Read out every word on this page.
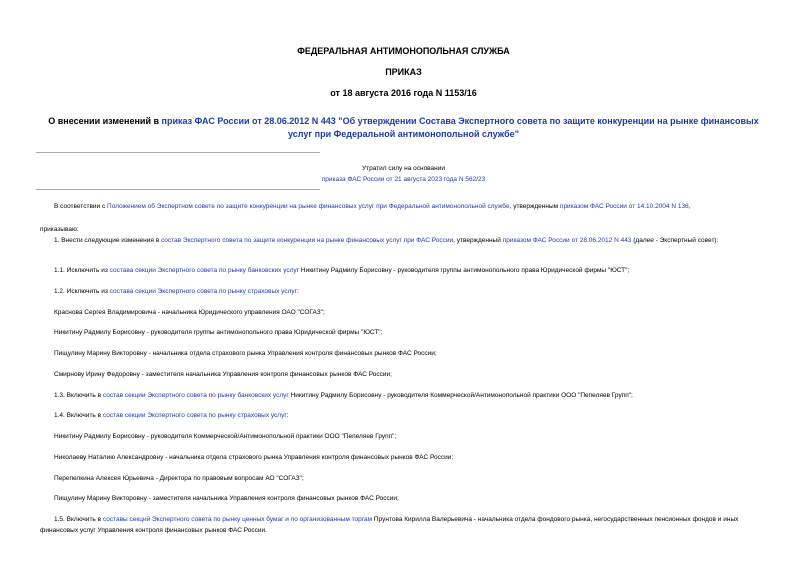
ФЕДЕРАЛЬНАЯ АНТИМОНОПОЛЬНАЯ СЛУЖБА
ПРИКАЗ
от 18 августа 2016 года N 1153/16
О внесении изменений в приказ ФАС России от 28.06.2012 N 443 "Об утверждении Состава Экспертного совета по защите конкуренции на рынке финансовых услуг при Федеральной антимонопольной службе"
Утратил силу на основании
приказа ФАС России от 21 августа 2023 года N 562/23
В соответствии с Положением об Экспертном совете по защите конкуренции на рынке финансовых услуг при Федеральной антимонопольной службе, утвержденным приказом ФАС России от 14.10.2004 N 136,
приказываю:
1. Внести следующие изменения в состав Экспертного совета по защите конкуренции на рынке финансовых услуг при ФАС России, утвержденный приказом ФАС России от 28.06.2012 N 443 (далее - Экспертный совет):
1.1. Исключить из состава секции Экспертного совета по рынку банковских услуг Никитину Радмилу Борисовну - руководителя группы антимонопольного права Юридической фирмы "ЮСТ";
1.2. Исключить из состава секции Экспертного совета по рынку страховых услуг:
Краснова Сергея Владимировича - начальника Юридического управления ОАО "СОГАЗ";
Никитину Радмилу Борисовну - руководителя группы антимонопольного права Юридической фирмы "ЮСТ";
Пищулину Марину Викторовну - начальника отдела страхового рынка Управления контроля финансовых рынков ФАС России;
Смирнову Ирину Федоровну - заместителя начальника Управления контроля финансовых рынков ФАС России;
1.3. Включить в состав секции Экспертного совета по рынку банковских услуг Никитину Радмилу Борисовну - руководителя Коммерческой/Антимонопольной практики ООО "Пепеляев Групп";
1.4. Включить в состав секции Экспертного совета по рынку страховых услуг:
Никитину Радмилу Борисовну - руководителя Коммерческой/Антимонопольной практики ООО "Пепеляев Групп";
Николаеву Наталию Александровну - начальника отдела страхового рынка Управления контроля финансовых рынков ФАС России;
Перепелкина Алексея Юрьевича - Директора по правовым вопросам АО "СОГАЗ";
Пищулину Марину Викторовну - заместителя начальника Управления контроля финансовых рынков ФАС России;
1.5. Включить в составы секций Экспертного совета по рынку ценных бумаг и по организованным торгам Прунтова Кирилла Валерьевича - начальника отдела фондового рынка, негосударственных пенсионных фондов и иных финансовых услуг Управления контроля финансовых рынков ФАС России.
